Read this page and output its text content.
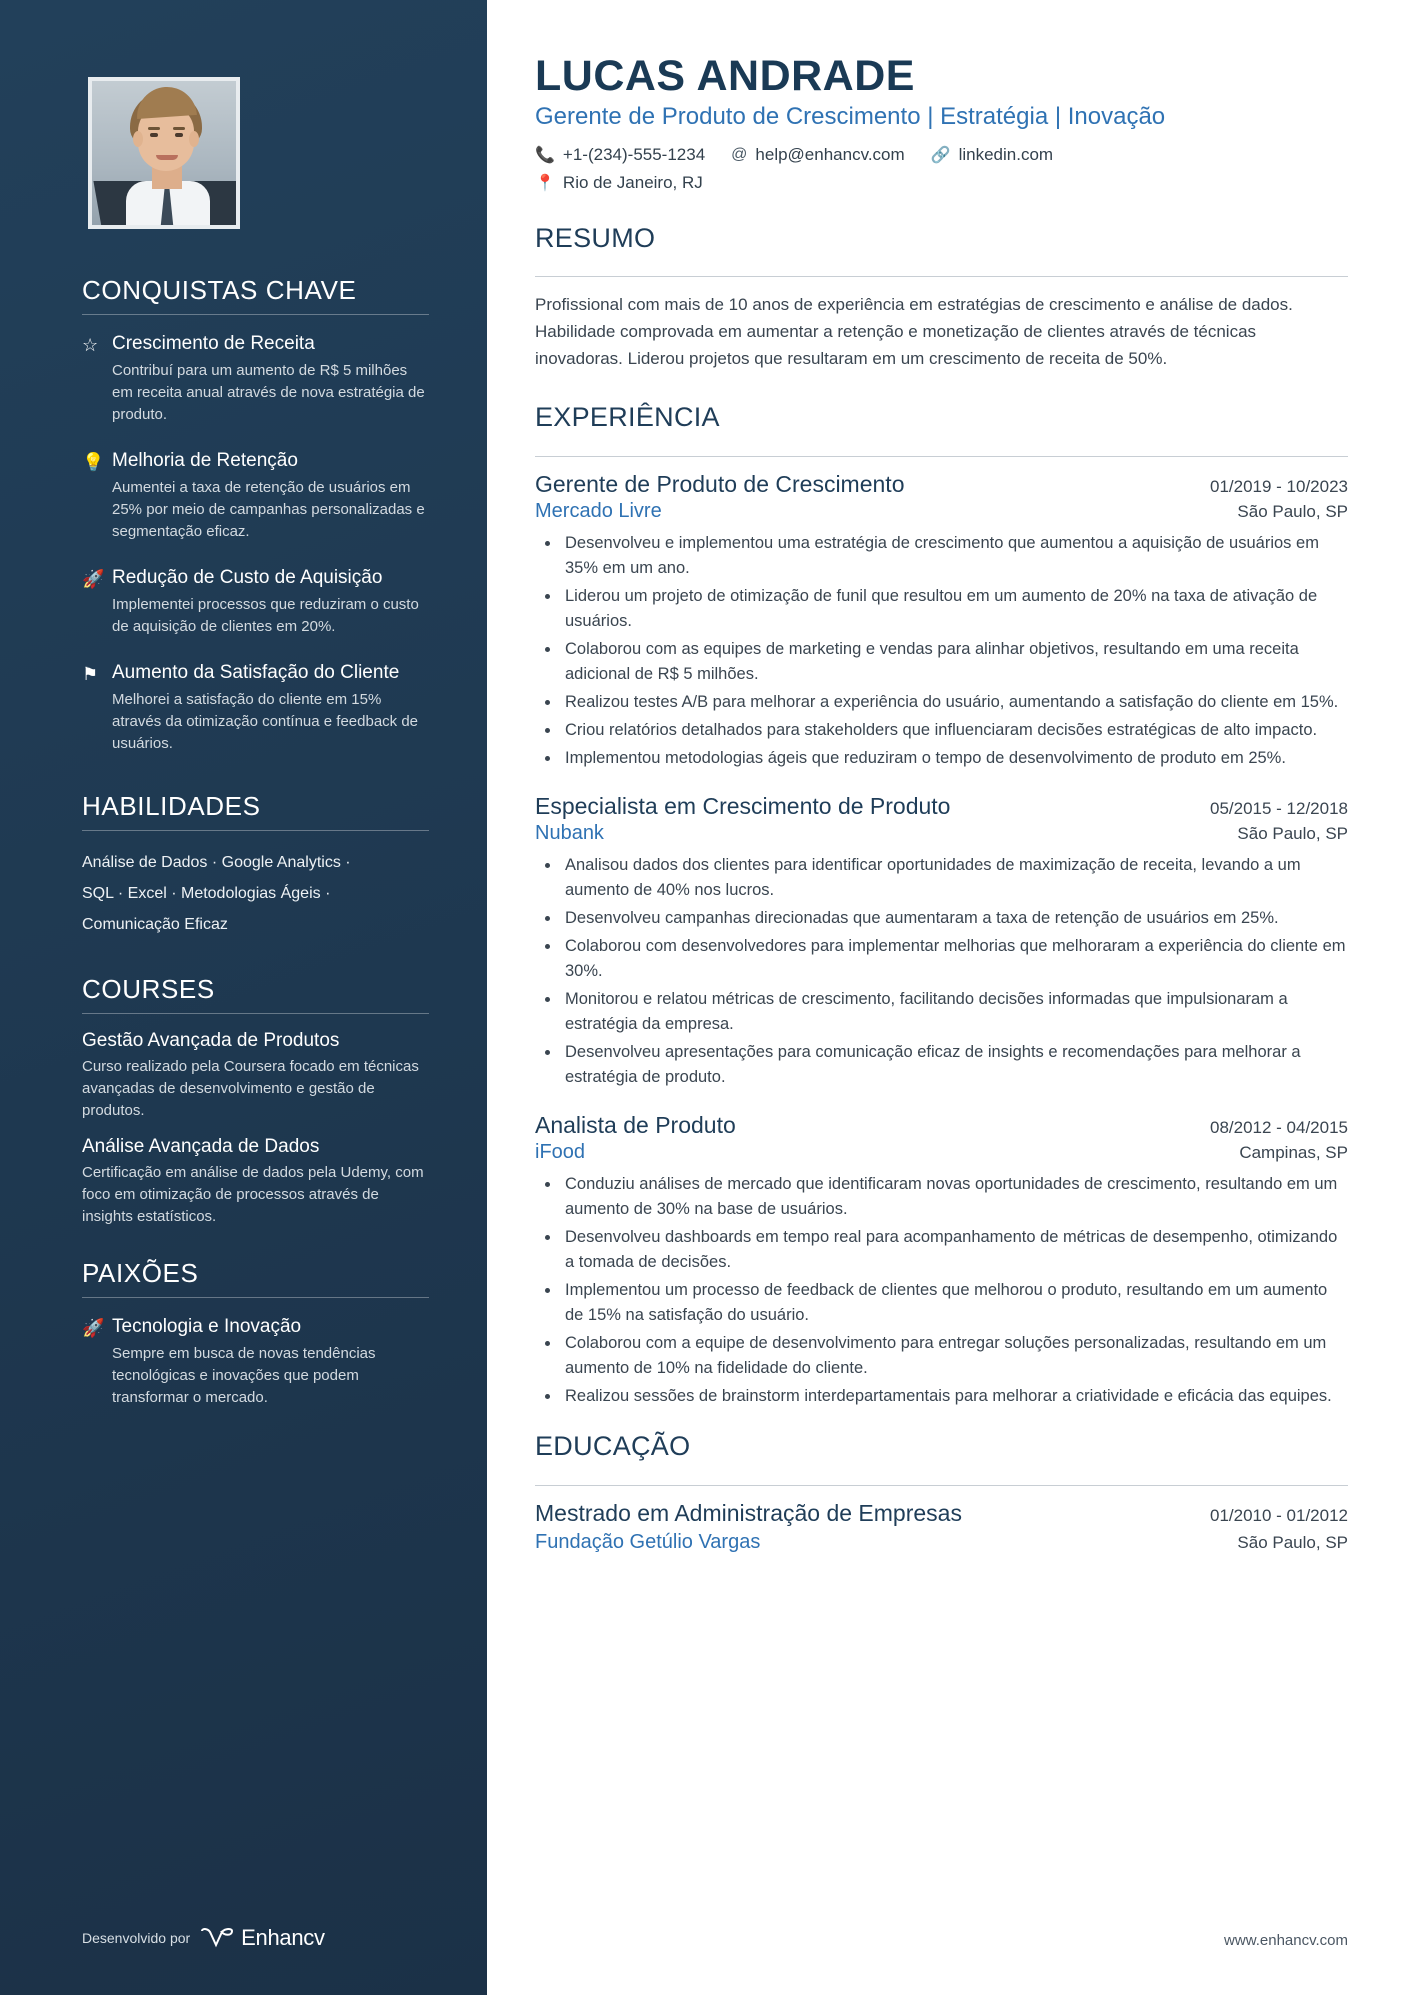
CONQUISTAS CHAVE
☆ Crescimento de Receita
Contribuí para um aumento de R$ 5 milhões em receita anual através de nova estratégia de produto.
💡 Melhoria de Retenção
Aumentei a taxa de retenção de usuários em 25% por meio de campanhas personalizadas e segmentação eficaz.
🚀 Redução de Custo de Aquisição
Implementei processos que reduziram o custo de aquisição de clientes em 20%.
⚑ Aumento da Satisfação do Cliente
Melhorei a satisfação do cliente em 15% através da otimização contínua e feedback de usuários.
HABILIDADES
Análise de Dados · Google Analytics ·
SQL · Excel · Metodologias Ágeis ·
Comunicação Eficaz
COURSES
Gestão Avançada de Produtos
Curso realizado pela Coursera focado em técnicas avançadas de desenvolvimento e gestão de produtos.
Análise Avançada de Dados
Certificação em análise de dados pela Udemy, com foco em otimização de processos através de insights estatísticos.
PAIXÕES
🚀 Tecnologia e Inovação
Sempre em busca de novas tendências tecnológicas e inovações que podem transformar o mercado.
Desenvolvido por Enhancv
LUCAS ANDRADE
Gerente de Produto de Crescimento | Estratégia | Inovação
📞 +1-(234)-555-1234 @ help@enhancv.com 🔗 linkedin.com
📍 Rio de Janeiro, RJ
RESUMO

Profissional com mais de 10 anos de experiência em estratégias de crescimento e análise de dados. Habilidade comprovada em aumentar a retenção e monetização de clientes através de técnicas inovadoras. Liderou projetos que resultaram em um crescimento de receita de 50%.

EXPERIÊNCIA
Gerente de Produto de Crescimento	01/2019 - 10/2023
Mercado Livre	São Paulo, SP
• Desenvolveu e implementou uma estratégia de crescimento que aumentou a aquisição de usuários em 35% em um ano.
• Liderou um projeto de otimização de funil que resultou em um aumento de 20% na taxa de ativação de usuários.
• Colaborou com as equipes de marketing e vendas para alinhar objetivos, resultando em uma receita adicional de R$ 5 milhões.
• Realizou testes A/B para melhorar a experiência do usuário, aumentando a satisfação do cliente em 15%.
• Criou relatórios detalhados para stakeholders que influenciaram decisões estratégicas de alto impacto.
• Implementou metodologias ágeis que reduziram o tempo de desenvolvimento de produto em 25%.
Especialista em Crescimento de Produto	05/2015 - 12/2018
Nubank	São Paulo, SP
• Analisou dados dos clientes para identificar oportunidades de maximização de receita, levando a um aumento de 40% nos lucros.
• Desenvolveu campanhas direcionadas que aumentaram a taxa de retenção de usuários em 25%.
• Colaborou com desenvolvedores para implementar melhorias que melhoraram a experiência do cliente em 30%.
• Monitorou e relatou métricas de crescimento, facilitando decisões informadas que impulsionaram a estratégia da empresa.
• Desenvolveu apresentações para comunicação eficaz de insights e recomendações para melhorar a estratégia de produto.
Analista de Produto	08/2012 - 04/2015
iFood	Campinas, SP
• Conduziu análises de mercado que identificaram novas oportunidades de crescimento, resultando em um aumento de 30% na base de usuários.
• Desenvolveu dashboards em tempo real para acompanhamento de métricas de desempenho, otimizando a tomada de decisões.
• Implementou um processo de feedback de clientes que melhorou o produto, resultando em um aumento de 15% na satisfação do usuário.
• Colaborou com a equipe de desenvolvimento para entregar soluções personalizadas, resultando em um aumento de 10% na fidelidade do cliente.
• Realizou sessões de brainstorm interdepartamentais para melhorar a criatividade e eficácia das equipes.
EDUCAÇÃO
Mestrado em Administração de Empresas	01/2010 - 01/2012
Fundação Getúlio Vargas	São Paulo, SP
www.enhancv.com
